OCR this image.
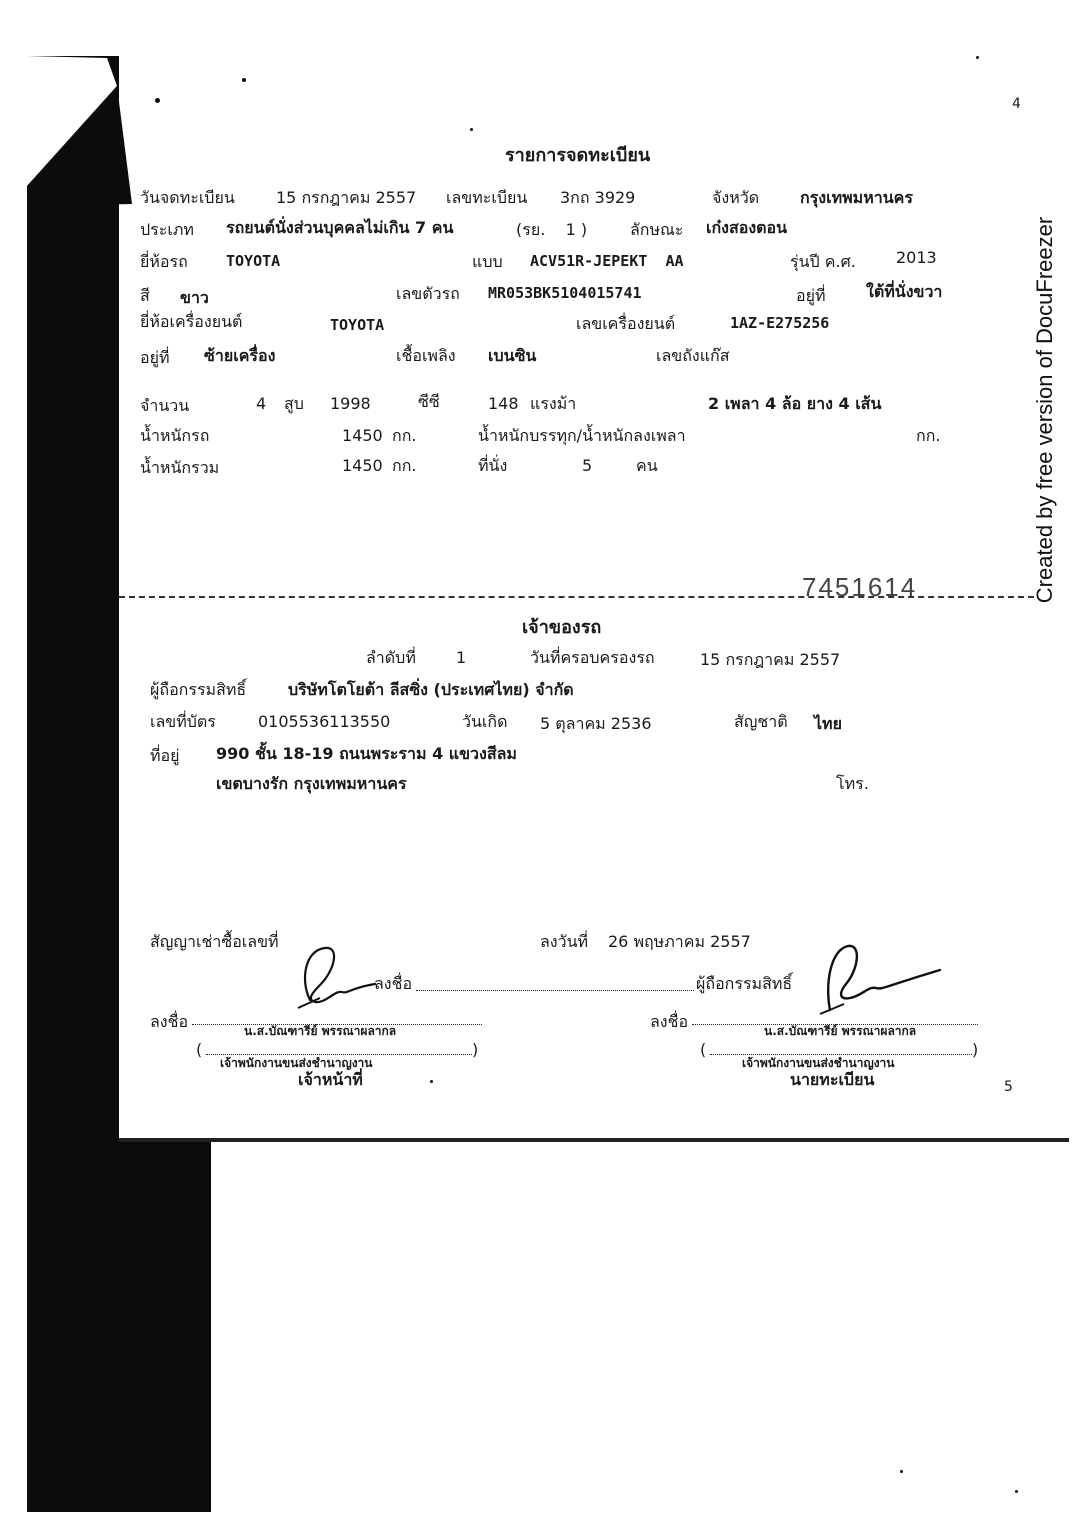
4
5
Created by free version of DocuFreezer
รายการจดทะเบียน
วันจดทะเบียน	15 กรกฎาคม 2557 เลขทะเบียน 3กถ 3929	จังหวัด	กรุงเทพมหานคร
ประเภท รถยนต์นั่งส่วนบุคคลไม่เกิน 7 คน	(รย.    1 )	ลักษณะ เก๋งสองตอน
ยี่ห้อรถ	TOYOTA	แบบ ACV51R-JEPEKT  AA	รุ่นปี ค.ศ.	2013
สี ขาว	เลขตัวรถ MR053BK5104015741	อยู่ที่	ใต้ที่นั่งขวา
ยี่ห้อเครื่องยนต์	TOYOTA	เลขเครื่องยนต์	1AZ-E275256
อยู่ที่ ซ้ายเครื่อง	เชื้อเพลิง เบนซิน	เลขถังแก๊ส
จำนวน	4 สูบ 1998	ซีซี	148 แรงม้า	2 เพลา 4 ล้อ ยาง 4 เส้น
น้ำหนักรถ	1450 กก.	น้ำหนักบรรทุก/น้ำหนักลงเพลา	กก.
น้ำหนักรวม	1450 กก.	ที่นั่ง	5	คน
7451614
เจ้าของรถ
ลำดับที่	1	วันที่ครอบครองรถ	15 กรกฎาคม 2557
ผู้ถือกรรมสิทธิ์	บริษัทโตโยต้า ลีสซิ่ง (ประเทศไทย) จำกัด
เลขที่บัตร	0105536113550	วันเกิด 5 ตุลาคม 2536	สัญชาติ ไทย
ที่อยู่ 990 ชั้น 18-19 ถนนพระราม 4 แขวงสีลม
เขตบางรัก กรุงเทพมหานคร	โทร.
สัญญาเช่าซื้อเลขที่	ลงวันที่ 26 พฤษภาคม 2557
ลงชื่อ	ผู้ถือกรรมสิทธิ์
ลงชื่อ	น.ส.บัณฑารีย์ พรรณาผลากล
(	)
เจ้าพนักงานขนส่งชำนาญงาน
เจ้าหน้าที่
ลงชื่อ	น.ส.บัณฑารีย์ พรรณาผลากล
(	)
เจ้าพนักงานขนส่งชำนาญงาน
นายทะเบียน
